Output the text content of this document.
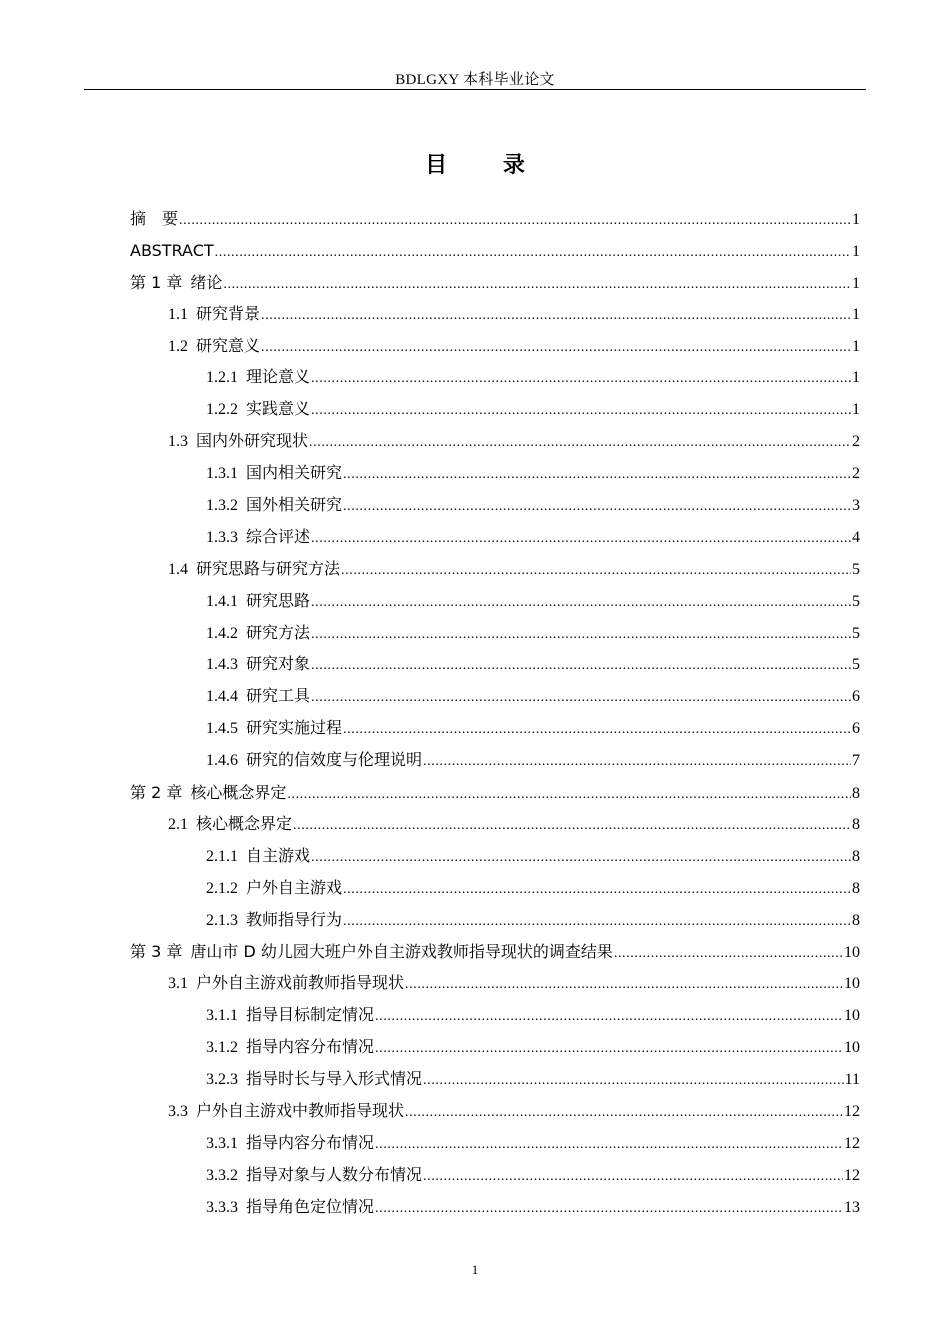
BDLGXY 本科毕业论文
目 录
摘　要 .....	1
ABSTRACT .....	1
第 1 章 绪论 .....	1
1.1 研究背景 .....	1
1.2 研究意义 .....	1
1.2.1 理论意义 .....	1
1.2.2 实践意义 .....	1
1.3 国内外研究现状 .....	2
1.3.1 国内相关研究 .....	2
1.3.2 国外相关研究 .....	3
1.3.3 综合评述 .....	4
1.4 研究思路与研究方法 .....	5
1.4.1 研究思路 .....	5
1.4.2 研究方法 .....	5
1.4.3 研究对象 .....	5
1.4.4 研究工具 .....	6
1.4.5 研究实施过程 .....	6
1.4.6 研究的信效度与伦理说明 .....	7
第 2 章 核心概念界定 .....	8
2.1 核心概念界定 .....	8
2.1.1 自主游戏 .....	8
2.1.2 户外自主游戏 .....	8
2.1.3 教师指导行为 .....	8
第 3 章 唐山市 D 幼儿园大班户外自主游戏教师指导现状的调查结果 .....	10
3.1 户外自主游戏前教师指导现状 .....	10
3.1.1 指导目标制定情况 .....	10
3.1.2 指导内容分布情况 .....	10
3.2.3 指导时长与导入形式情况 .....	11
3.3 户外自主游戏中教师指导现状 .....	12
3.3.1 指导内容分布情况 .....	12
3.3.2 指导对象与人数分布情况 .....	12
3.3.3 指导角色定位情况 .....	13
1
